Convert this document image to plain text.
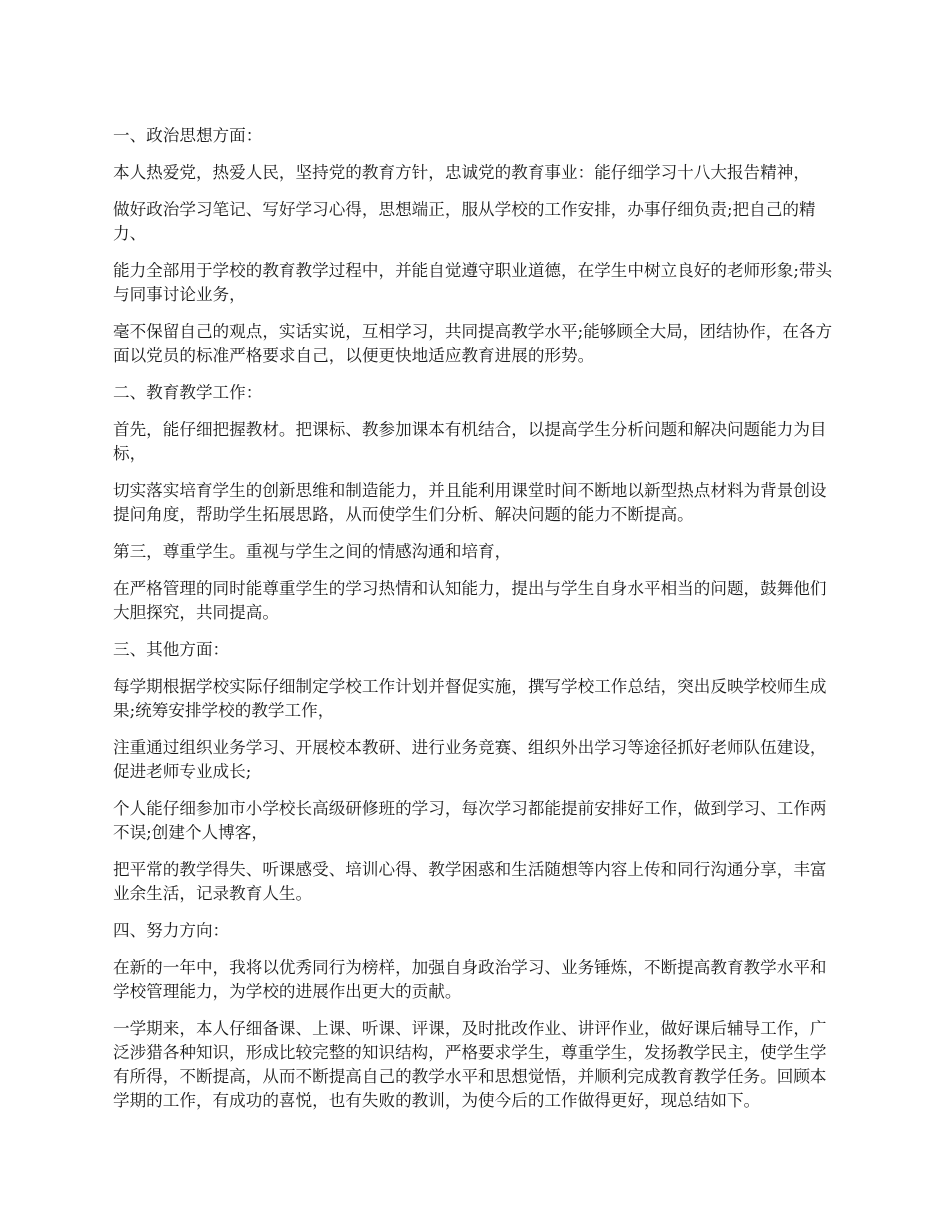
一、政治思想方面：

本人热爱党，热爱人民，坚持党的教育方针，忠诚党的教育事业：能仔细学习十八大报告精神，

做好政治学习笔记、写好学习心得，思想端正，服从学校的工作安排，办事仔细负责;把自己的精力、

能力全部用于学校的教育教学过程中，并能自觉遵守职业道德，在学生中树立良好的老师形象;带头与同事讨论业务，

毫不保留自己的观点，实话实说，互相学习，共同提高教学水平;能够顾全大局，团结协作，在各方面以党员的标准严格要求自己，以便更快地适应教育进展的形势。

二、教育教学工作：

首先，能仔细把握教材。把课标、教参加课本有机结合，以提高学生分析问题和解决问题能力为目标，

切实落实培育学生的创新思维和制造能力，并且能利用课堂时间不断地以新型热点材料为背景创设提问角度，帮助学生拓展思路，从而使学生们分析、解决问题的能力不断提高。

第三，尊重学生。重视与学生之间的情感沟通和培育，

在严格管理的同时能尊重学生的学习热情和认知能力，提出与学生自身水平相当的问题，鼓舞他们大胆探究，共同提高。

三、其他方面：

每学期根据学校实际仔细制定学校工作计划并督促实施，撰写学校工作总结，突出反映学校师生成果;统筹安排学校的教学工作，

注重通过组织业务学习、开展校本教研、进行业务竞赛、组织外出学习等途径抓好老师队伍建设，促进老师专业成长;

个人能仔细参加市小学校长高级研修班的学习，每次学习都能提前安排好工作，做到学习、工作两不误;创建个人博客，

把平常的教学得失、听课感受、培训心得、教学困惑和生活随想等内容上传和同行沟通分享，丰富业余生活，记录教育人生。

四、努力方向：

在新的一年中，我将以优秀同行为榜样，加强自身政治学习、业务锤炼，不断提高教育教学水平和学校管理能力，为学校的进展作出更大的贡献。

一学期来，本人仔细备课、上课、听课、评课，及时批改作业、讲评作业，做好课后辅导工作，广泛涉猎各种知识，形成比较完整的知识结构，严格要求学生，尊重学生，发扬教学民主，使学生学有所得，不断提高，从而不断提高自己的教学水平和思想觉悟，并顺利完成教育教学任务。回顾本学期的工作，有成功的喜悦，也有失败的教训，为使今后的工作做得更好，现总结如下。
